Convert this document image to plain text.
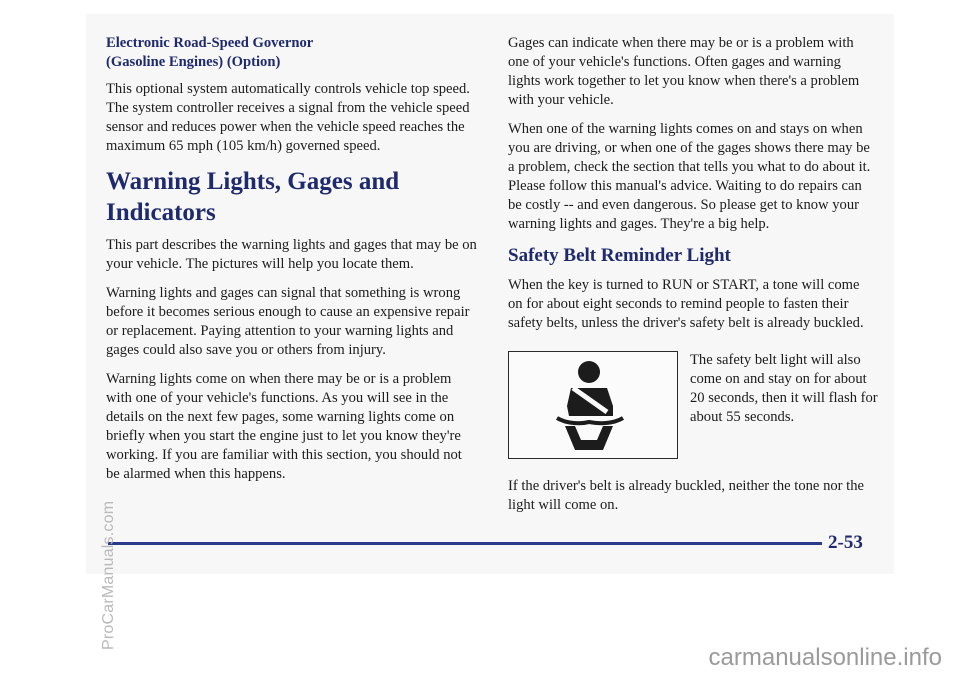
Electronic Road-Speed Governor
(Gasoline Engines) (Option)

This optional system automatically controls vehicle top speed. The system controller receives a signal from the vehicle speed sensor and reduces power when the vehicle speed reaches the maximum 65 mph (105 km/h) governed speed.

Warning Lights, Gages and Indicators

This part describes the warning lights and gages that may be on your vehicle. The pictures will help you locate them.

Warning lights and gages can signal that something is wrong before it becomes serious enough to cause an expensive repair or replacement. Paying attention to your warning lights and gages could also save you or others from injury.

Warning lights come on when there may be or is a problem with one of your vehicle's functions. As you will see in the details on the next few pages, some warning lights come on briefly when you start the engine just to let you know they're working. If you are familiar with this section, you should not be alarmed when this happens.

Gages can indicate when there may be or is a problem with one of your vehicle's functions. Often gages and warning lights work together to let you know when there's a problem with your vehicle.

When one of the warning lights comes on and stays on when you are driving, or when one of the gages shows there may be a problem, check the section that tells you what to do about it. Please follow this manual's advice. Waiting to do repairs can be costly -- and even dangerous. So please get to know your warning lights and gages. They're a big help.

Safety Belt Reminder Light

When the key is turned to RUN or START, a tone will come on for about eight seconds to remind people to fasten their safety belts, unless the driver's safety belt is already buckled.

The safety belt light will also come on and stay on for about 20 seconds, then it will flash for about 55 seconds.

If the driver's belt is already buckled, neither the tone nor the light will come on.

2-53
ProCarManuals.com
carmanualsonline.info
